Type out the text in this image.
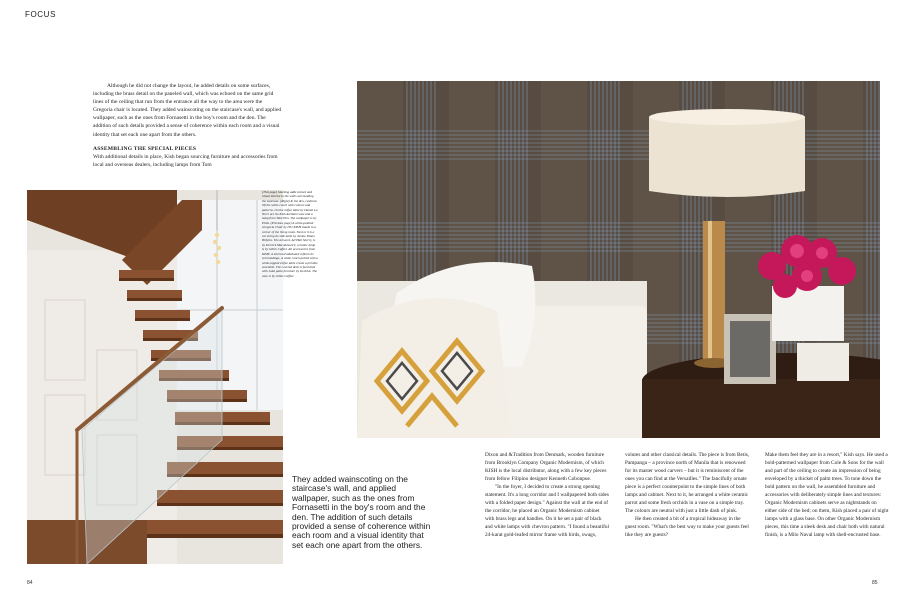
FOCUS

Although he did not change the layout, he added details on some surfaces, including the brass detail on the paneled wall, which was echoed on the same grid lines of the ceiling that run from the entrance all the way to the area were the Gregoria chair is located. They added wainscoting on the staircase's wall, and applied wallpaper, such as the ones from Fornasetti in the boy's room and the den. The addition of such details provided a sense of coherence within each room and a visual identity that set each one apart from the others.

ASSEMBLING THE SPECIAL PIECES

With additional details in place, Kish began sourcing furniture and accessories from local and overseas dealers, including lamps from Tom

(This page) Stacking adds texture and visual interest to the walls surrounding the staircase. (Right) In the den, cushions lift the white couch with colours and patterns. On the coffee table by Daniel La Torre are Xo Kish Arellano vase and a lamp from West Elm. The wallpaper is by Elitis. (Previous page) A white-painted Gregoria Chair by ITO KISH stands in a corner of the living room. Next to it is a cut string tie side table by Janine Diano Hofstra. The artwork, All Hail Sherry, is by Derrick Macutkiewicz; ceramic lamp is by Gilles Caffier. All accessories from KISH. A mirrored sideboard reflects its surroundings. A white couch paired with a white-topped coffee table create a pristine ensemble. The covered deck is furnished with Julia patio furniture by Ito Kish. The vase is by Gilles Caffier.
They added wainscoting on the staircase's wall, and applied wallpaper, such as the ones from Fornasetti in the boy's room and the den. The addition of such details provided a sense of coherence within each room and a visual identity that set each one apart from the others.

Dixon and &Tradition from Denmark, wooden furniture from Brooklyn Company Organic Modernism, of which KISH is the local distributor, along with a few key pieces from fellow Filipino designer Kenneth Cobonpue.

"In the foyer, I decided to create a strong opening statement. It's a long corridor and I wallpapered both sides with a folded paper design." Against the wall at the end of the corridor, he placed an Organic Modernism cabinet with brass legs and handles. On it he set a pair of black and white lamps with chevron pattern. "I found a beautiful 24-karat gold-leafed mirror frame with birds, swags,

volutes and other classical details. The piece is from Betis, Pampanga – a province north of Manila that is renowned for its master wood carvers – but it is reminiscent of the ones you can find at the Versailles." The fancifully ornate piece is a perfect counterpoint to the simple lines of both lamps and cabinet. Next to it, he arranged a white ceramic parrot and some fresh orchids in a vase on a simple tray. The colours are neutral with just a little dash of pink.

He then created a bit of a tropical hideaway in the guest room. "What's the best way to make your guests feel like they are guests?

Make them feel they are in a resort," Kish says. He used a bold-patterned wallpaper from Cole & Sons for the wall and part of the ceiling to create an impression of being enveloped by a thicket of palm trees. To tone down the bold pattern on the wall, he assembled furniture and accessories with deliberately simple lines and textures: Organic Modernism cabinets serve as nightstands on either side of the bed; on them, Kish placed a pair of night lamps with a glass base. On other Organic Modernism pieces, this time a sleek desk and chair both with natural finish, is a Milo Naval lamp with shell-encrusted base.

84	85
